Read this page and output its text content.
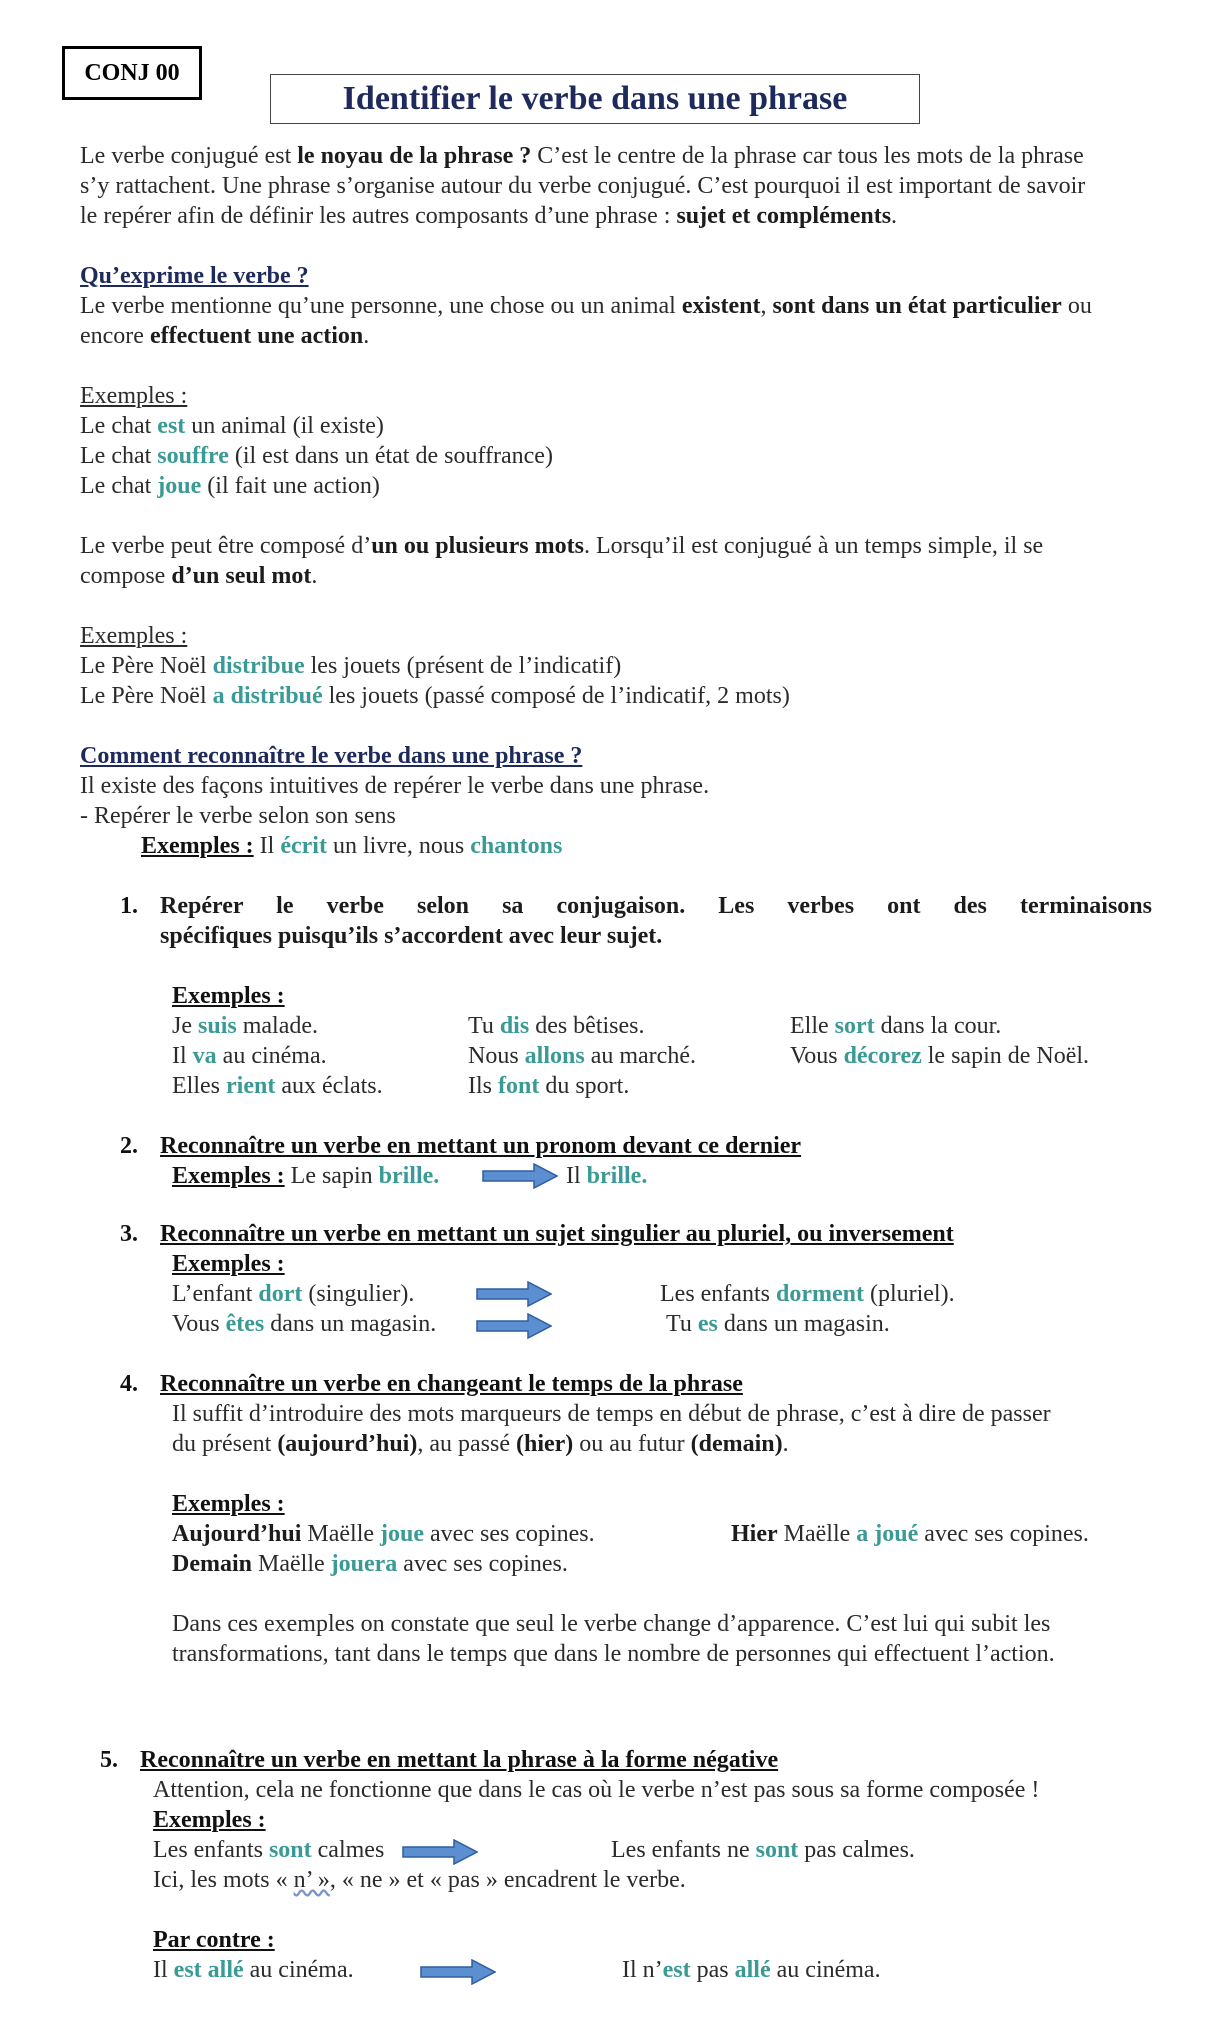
CONJ 00
Identifier le verbe dans une phrase
Le verbe conjugué est le noyau de la phrase ? C’est le centre de la phrase car tous les mots de la phrase
s’y rattachent. Une phrase s’organise autour du verbe conjugué. C’est pourquoi il est important de savoir
le repérer afin de définir les autres composants d’une phrase : sujet et compléments.
Qu’exprime le verbe ?
Le verbe mentionne qu’une personne, une chose ou un animal existent, sont dans un état particulier ou
encore effectuent une action.
Exemples :
Le chat est un animal (il existe)
Le chat souffre (il est dans un état de souffrance)
Le chat joue (il fait une action)
Le verbe peut être composé d’un ou plusieurs mots. Lorsqu’il est conjugué à un temps simple, il se
compose d’un seul mot.
Exemples :
Le Père Noël distribue les jouets (présent de l’indicatif)
Le Père Noël a distribué les jouets (passé composé de l’indicatif, 2 mots)
Comment reconnaître le verbe dans une phrase ?
Il existe des façons intuitives de repérer le verbe dans une phrase.
- Repérer le verbe selon son sens
Exemples : Il écrit un livre, nous chantons
1. Repérer le verbe selon sa conjugaison. Les verbes ont des terminaisons
spécifiques puisqu’ils s’accordent avec leur sujet.
Exemples :
Je suis malade.	Tu dis des bêtises.	Elle sort dans la cour.
Il va au cinéma.	Nous allons au marché.	Vous décorez le sapin de Noël.
Elles rient aux éclats.	Ils font du sport.
2. Reconnaître un verbe en mettant un pronom devant ce dernier
Exemples : Le sapin brille.	Il brille.
3. Reconnaître un verbe en mettant un sujet singulier au pluriel, ou inversement
Exemples :
L’enfant dort (singulier).	Les enfants dorment (pluriel).
Vous êtes dans un magasin.	Tu es dans un magasin.
4. Reconnaître un verbe en changeant le temps de la phrase
Il suffit d’introduire des mots marqueurs de temps en début de phrase, c’est à dire de passer
du présent (aujourd’hui), au passé (hier) ou au futur (demain).
Exemples :
Aujourd’hui Maëlle joue avec ses copines.	Hier Maëlle a joué avec ses copines.
Demain Maëlle jouera avec ses copines.
Dans ces exemples on constate que seul le verbe change d’apparence. C’est lui qui subit les
transformations, tant dans le temps que dans le nombre de personnes qui effectuent l’action.
5. Reconnaître un verbe en mettant la phrase à la forme négative
Attention, cela ne fonctionne que dans le cas où le verbe n’est pas sous sa forme composée !
Exemples :
Les enfants sont calmes	Les enfants ne sont pas calmes.
Ici, les mots « n’ », « ne » et « pas » encadrent le verbe.
Par contre :
Il est allé au cinéma.	Il n’est pas allé au cinéma.
